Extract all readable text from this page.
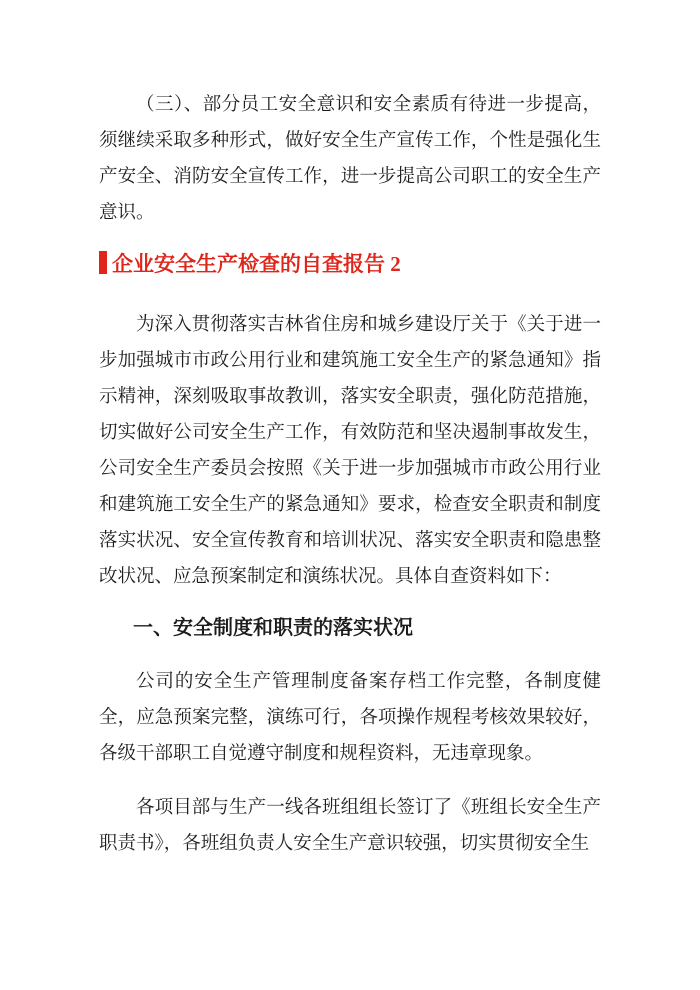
（三）、部分员工安全意识和安全素质有待进一步提高，须继续采取多种形式，做好安全生产宣传工作，个性是强化生产安全、消防安全宣传工作，进一步提高公司职工的安全生产意识。

企业安全生产检查的自查报告 2

为深入贯彻落实吉林省住房和城乡建设厅关于《关于进一步加强城市市政公用行业和建筑施工安全生产的紧急通知》指示精神，深刻吸取事故教训，落实安全职责，强化防范措施，切实做好公司安全生产工作，有效防范和坚决遏制事故发生，公司安全生产委员会按照《关于进一步加强城市市政公用行业和建筑施工安全生产的紧急通知》要求，检查安全职责和制度落实状况、安全宣传教育和培训状况、落实安全职责和隐患整改状况、应急预案制定和演练状况。具体自查资料如下：

一、安全制度和职责的落实状况

公司的安全生产管理制度备案存档工作完整，各制度健全，应急预案完整，演练可行，各项操作规程考核效果较好，各级干部职工自觉遵守制度和规程资料，无违章现象。

各项目部与生产一线各班组组长签订了《班组长安全生产职责书》，各班组负责人安全生产意识较强，切实贯彻安全生
